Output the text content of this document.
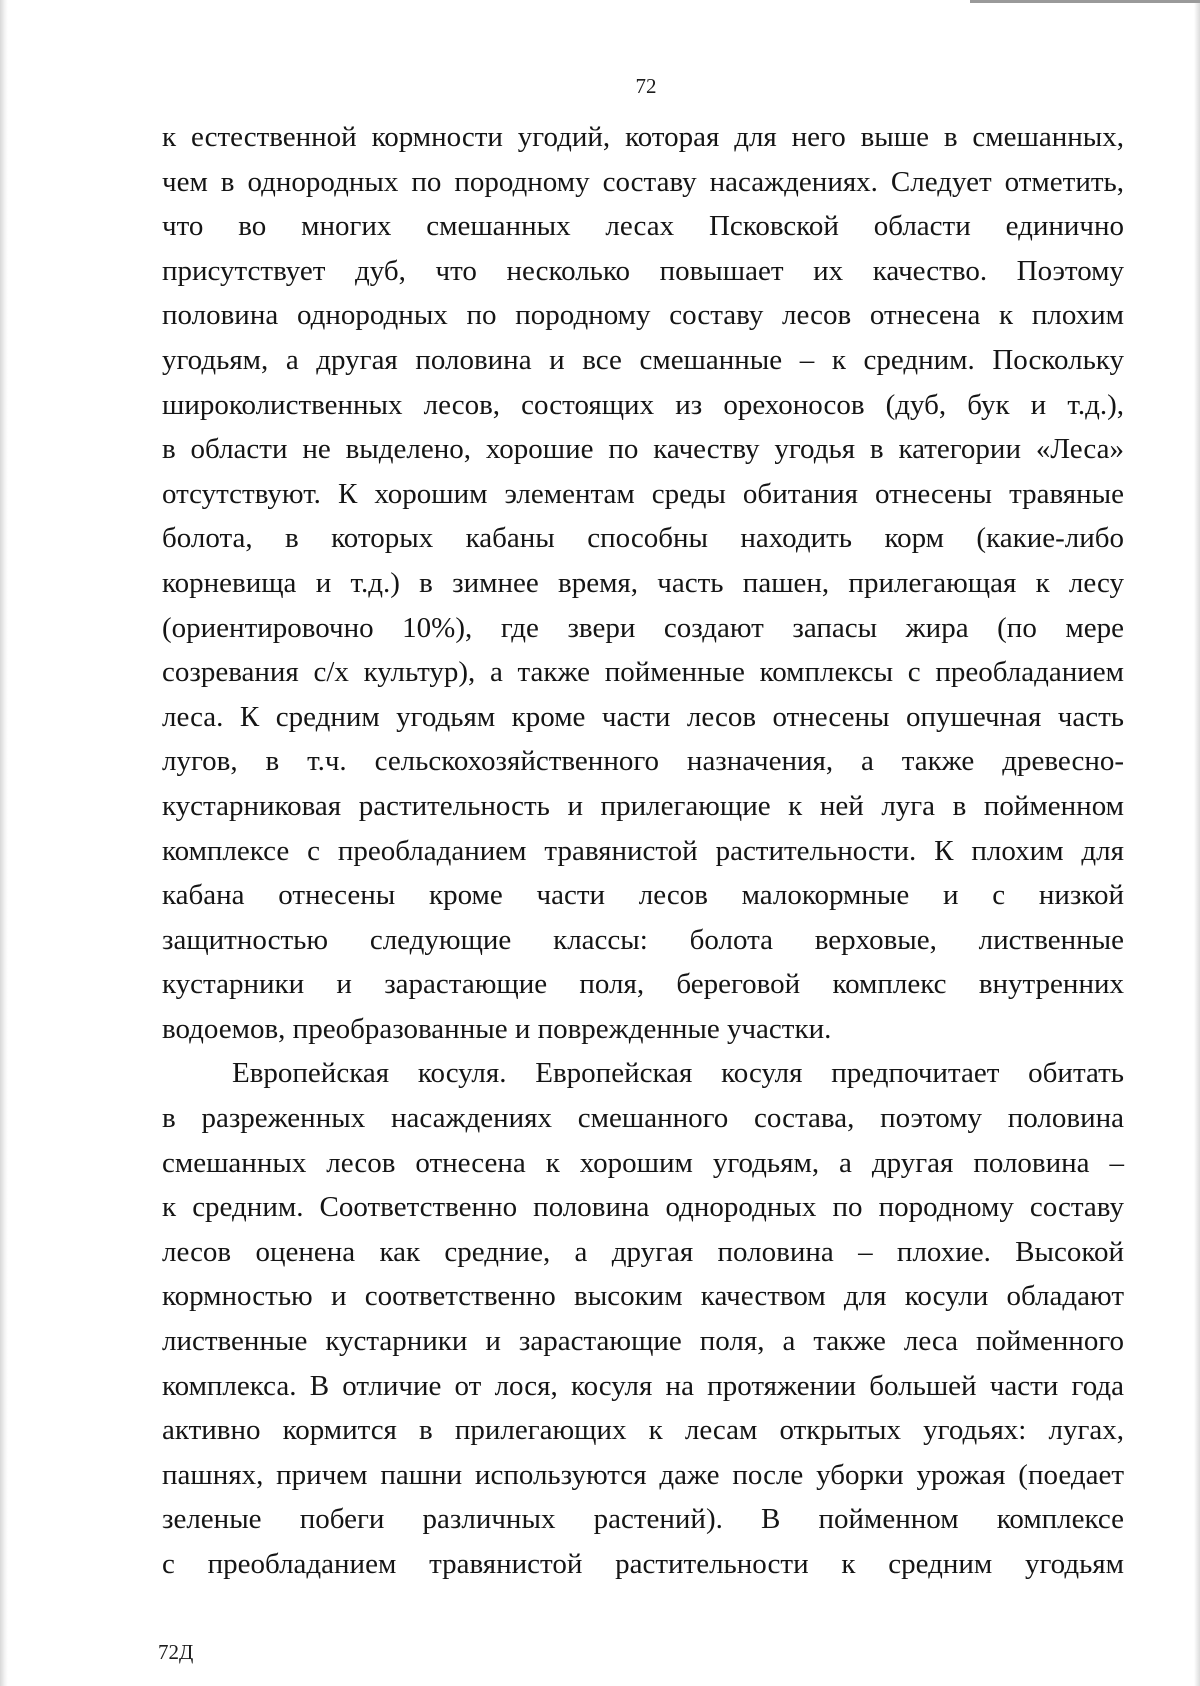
72
к естественной кормности угодий, которая для него выше в смешанных,
чем в однородных по породному составу насаждениях. Следует отметить,
что во многих смешанных лесах Псковской области единично
присутствует дуб, что несколько повышает их качество. Поэтому
половина однородных по породному составу лесов отнесена к плохим
угодьям, а другая половина и все смешанные – к средним. Поскольку
широколиственных лесов, состоящих из орехоносов (дуб, бук и т.д.),
в области не выделено, хорошие по качеству угодья в категории «Леса»
отсутствуют. К хорошим элементам среды обитания отнесены травяные
болота, в которых кабаны способны находить корм (какие-либо
корневища и т.д.) в зимнее время, часть пашен, прилегающая к лесу
(ориентировочно 10%), где звери создают запасы жира (по мере
созревания с/х культур), а также пойменные комплексы с преобладанием
леса. К средним угодьям кроме части лесов отнесены опушечная часть
лугов, в т.ч. сельскохозяйственного назначения, а также древесно-
кустарниковая растительность и прилегающие к ней луга в пойменном
комплексе с преобладанием травянистой растительности. К плохим для
кабана отнесены кроме части лесов малокормные и с низкой
защитностью следующие классы: болота верховые, лиственные
кустарники и зарастающие поля, береговой комплекс внутренних
водоемов, преобразованные и поврежденные участки.
Европейская косуля. Европейская косуля предпочитает обитать
в разреженных насаждениях смешанного состава, поэтому половина
смешанных лесов отнесена к хорошим угодьям, а другая половина –
к средним. Соответственно половина однородных по породному составу
лесов оценена как средние, а другая половина – плохие. Высокой
кормностью и соответственно высоким качеством для косули обладают
лиственные кустарники и зарастающие поля, а также леса пойменного
комплекса. В отличие от лося, косуля на протяжении большей части года
активно кормится в прилегающих к лесам открытых угодьях: лугах,
пашнях, причем пашни используются даже после уборки урожая (поедает
зеленые побеги различных растений). В пойменном комплексе
с преобладанием травянистой растительности к средним угодьям
72Д
